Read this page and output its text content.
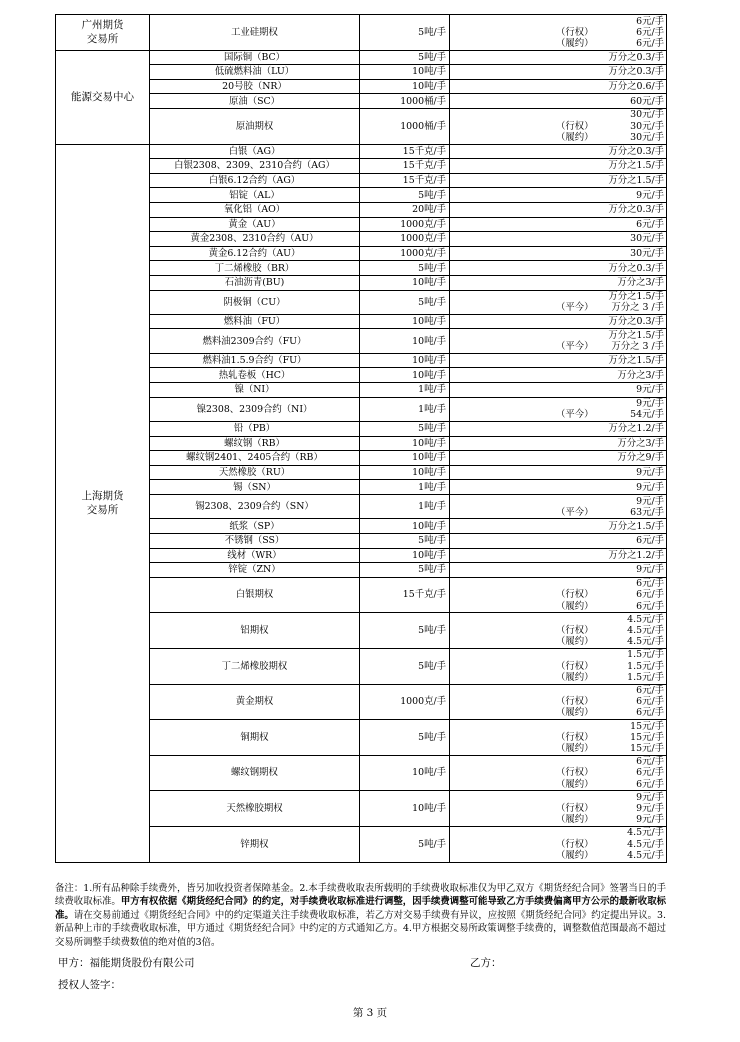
广州期货交易所	工业硅期权	5吨/手	6元/手
（行权） 6元/手
（履约） 6元/手

能源交易中心	国际铜（BC）	5吨/手	万分之0.3/手

	低硫燃料油（LU）	10吨/手	万分之0.3/手

	20号胶（NR）	10吨/手	万分之0.6/手

	原油（SC）	1000桶/手	60元/手

	原油期权	1000桶/手	30元/手
（行权） 30元/手
（履约） 30元/手

上海期货交易所	白银（AG）	15千克/手	万分之0.3/手

	白银2308、2309、2310合约（AG）	15千克/手	万分之1.5/手

	白银6.12合约（AG）	15千克/手	万分之1.5/手

	铝锭（AL）	5吨/手	9元/手

	氧化铝（AO）	20吨/手	万分之0.3/手

	黄金（AU）	1000克/手	6元/手

	黄金2308、2310合约（AU）	1000克/手	30元/手

	黄金6.12合约（AU）	1000克/手	30元/手

	丁二烯橡胶（BR）	5吨/手	万分之0.3/手

	石油沥青(BU)	10吨/手	万分之3/手

	阴极铜（CU）	5吨/手	万分之1.5/手
（平今） 万分之 3 /手

	燃料油（FU）	10吨/手	万分之0.3/手

	燃料油2309合约（FU）	10吨/手	万分之1.5/手
（平今） 万分之 3 /手

	燃料油1.5.9合约（FU）	10吨/手	万分之1.5/手

	热轧卷板（HC）	10吨/手	万分之3/手

	镍（NI）	1吨/手	9元/手

	镍2308、2309合约（NI）	1吨/手	9元/手
（平今） 54元/手

	铅（PB）	5吨/手	万分之1.2/手

	螺纹钢（RB）	10吨/手	万分之3/手

	螺纹钢2401、2405合约（RB）	10吨/手	万分之9/手

	天然橡胶（RU）	10吨/手	9元/手

	锡（SN）	1吨/手	9元/手

	锡2308、2309合约（SN）	1吨/手	9元/手
（平今） 63元/手

	纸浆（SP）	10吨/手	万分之1.5/手

	不锈钢（SS）	5吨/手	6元/手

	线材（WR）	10吨/手	万分之1.2/手

	锌锭（ZN）	5吨/手	9元/手

	白银期权	15千克/手	6元/手
（行权） 6元/手
（履约） 6元/手

	铝期权	5吨/手	4.5元/手
（行权） 4.5元/手
（履约） 4.5元/手

	丁二烯橡胶期权	5吨/手	1.5元/手
（行权） 1.5元/手
（履约） 1.5元/手

	黄金期权	1000克/手	6元/手
（行权） 6元/手
（履约） 6元/手

	铜期权	5吨/手	15元/手
（行权） 15元/手
（履约） 15元/手

	螺纹钢期权	10吨/手	6元/手
（行权） 6元/手
（履约） 6元/手

	天然橡胶期权	10吨/手	9元/手
（行权） 9元/手
（履约） 9元/手

	锌期权	5吨/手	4.5元/手
（行权） 4.5元/手
（履约） 4.5元/手
备注：1.所有品种除手续费外，皆另加收投资者保障基金。2.本手续费收取表所载明的手续费收取标准仅为甲乙双方《期货经纪合同》签署当日的手续费收取标准。甲方有权依据《期货经纪合同》的约定，对手续费收取标准进行调整，因手续费调整可能导致乙方手续费偏离甲方公示的最新收取标准。请在交易前通过《期货经纪合同》中的约定渠道关注手续费收取标准，若乙方对交易手续费有异议，应按照《期货经纪合同》约定提出异议。3.新品种上市的手续费收取标准，甲方通过《期货经纪合同》中约定的方式通知乙方。4.甲方根据交易所政策调整手续费的，调整数值范围最高不超过交易所调整手续费数值的绝对值的3倍。
甲方：福能期货股份有限公司	乙方：
授权人签字：
第 3 页
